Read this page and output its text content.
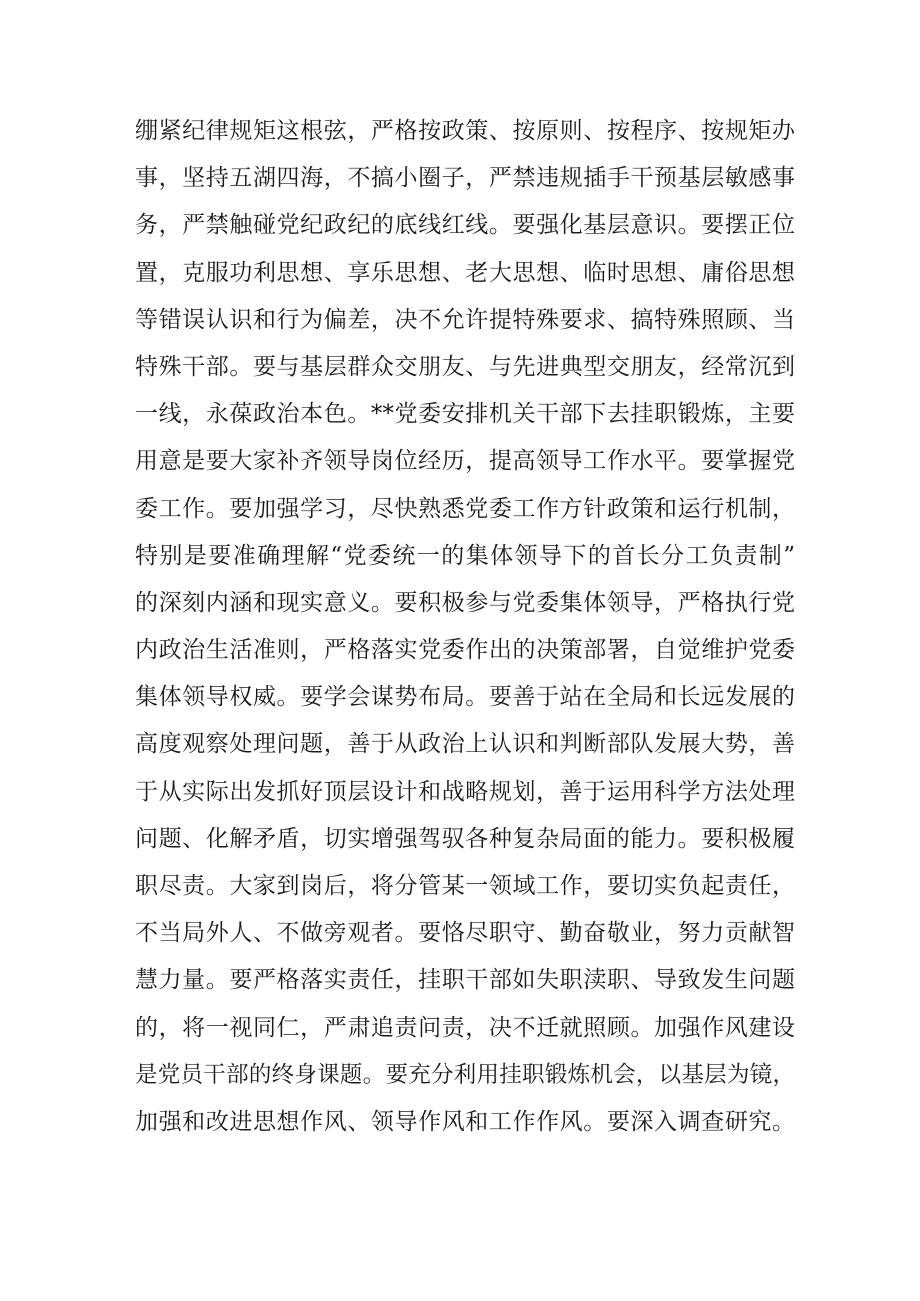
绷紧纪律规矩这根弦，严格按政策、按原则、按程序、按规矩办
事，坚持五湖四海，不搞小圈子，严禁违规插手干预基层敏感事
务，严禁触碰党纪政纪的底线红线。要强化基层意识。要摆正位
置，克服功利思想、享乐思想、老大思想、临时思想、庸俗思想
等错误认识和行为偏差，决不允许提特殊要求、搞特殊照顾、当
特殊干部。要与基层群众交朋友、与先进典型交朋友，经常沉到
一线，永葆政治本色。**党委安排机关干部下去挂职锻炼，主要
用意是要大家补齐领导岗位经历，提高领导工作水平。要掌握党
委工作。要加强学习，尽快熟悉党委工作方针政策和运行机制，
特别是要准确理解“党委统一的集体领导下的首长分工负责制”
的深刻内涵和现实意义。要积极参与党委集体领导，严格执行党
内政治生活准则，严格落实党委作出的决策部署，自觉维护党委
集体领导权威。要学会谋势布局。要善于站在全局和长远发展的
高度观察处理问题，善于从政治上认识和判断部队发展大势，善
于从实际出发抓好顶层设计和战略规划，善于运用科学方法处理
问题、化解矛盾，切实增强驾驭各种复杂局面的能力。要积极履
职尽责。大家到岗后，将分管某一领域工作，要切实负起责任，
不当局外人、不做旁观者。要恪尽职守、勤奋敬业，努力贡献智
慧力量。要严格落实责任，挂职干部如失职渎职、导致发生问题
的，将一视同仁，严肃追责问责，决不迁就照顾。加强作风建设
是党员干部的终身课题。要充分利用挂职锻炼机会，以基层为镜，
加强和改进思想作风、领导作风和工作作风。要深入调查研究。
